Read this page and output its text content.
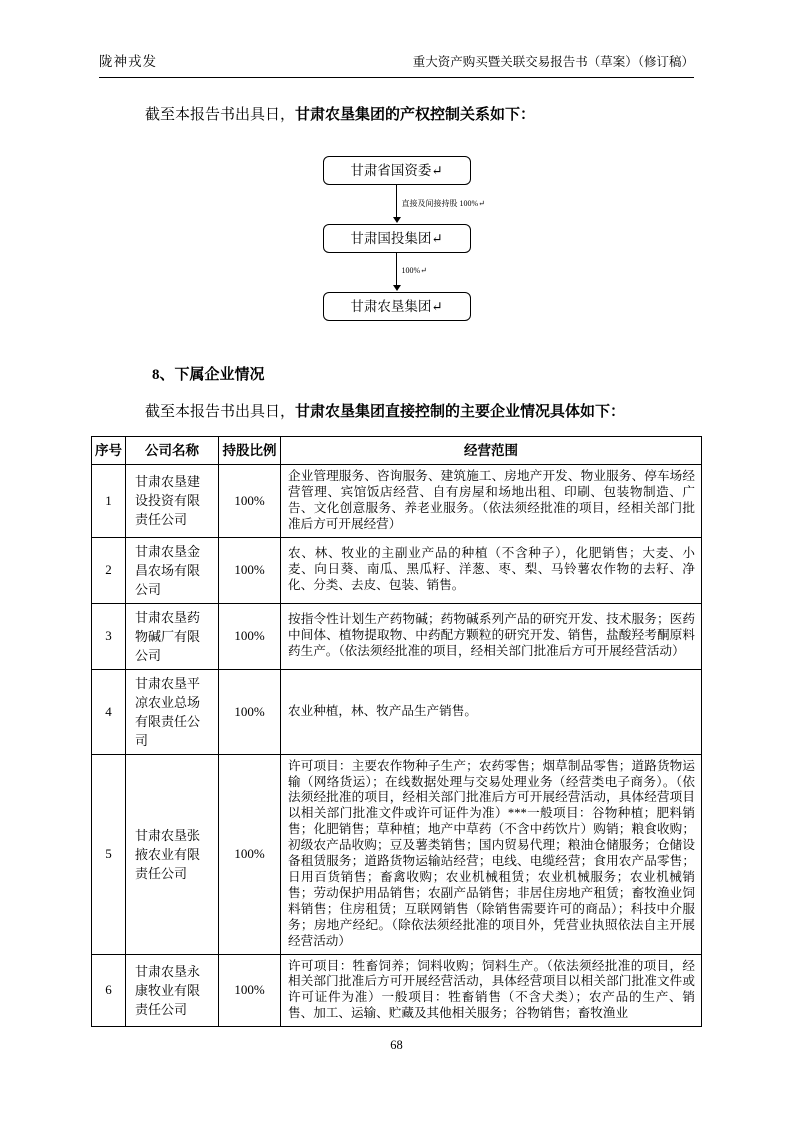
陇神戎发	重大资产购买暨关联交易报告书（草案）（修订稿）

截至本报告书出具日，甘肃农垦集团的产权控制关系如下：

甘肃省国资委↵
直接及间接持股 100%↵
甘肃国投集团↵
100%↵
甘肃农垦集团↵
8、下属企业情况

截至本报告书出具日，甘肃农垦集团直接控制的主要企业情况具体如下：

序号	公司名称	持股比例	经营范围
1	甘肃农垦建设投资有限责任公司	100%	企业管理服务、咨询服务、建筑施工、房地产开发、物业服务、停车场经营管理、宾馆饭店经营、自有房屋和场地出租、印刷、包装物制造、广告、文化创意服务、养老业服务。（依法须经批准的项目，经相关部门批准后方可开展经营）
2	甘肃农垦金昌农场有限公司	100%	农、林、牧业的主副业产品的种植（不含种子），化肥销售；大麦、小麦、向日葵、南瓜、黑瓜籽、洋葱、枣、梨、马铃薯农作物的去籽、净化、分类、去皮、包装、销售。
3	甘肃农垦药物碱厂有限公司	100%	按指令性计划生产药物碱；药物碱系列产品的研究开发、技术服务；医药中间体、植物提取物、中药配方颗粒的研究开发、销售，盐酸羟考酮原料药生产。（依法须经批准的项目，经相关部门批准后方可开展经营活动）
4	甘肃农垦平凉农业总场有限责任公司	100%	农业种植，林、牧产品生产销售。
5	甘肃农垦张掖农业有限责任公司	100%	许可项目：主要农作物种子生产；农药零售；烟草制品零售；道路货物运输（网络货运）；在线数据处理与交易处理业务（经营类电子商务）。（依法须经批准的项目，经相关部门批准后方可开展经营活动，具体经营项目以相关部门批准文件或许可证件为准）***一般项目：谷物种植；肥料销售；化肥销售；草种植；地产中草药（不含中药饮片）购销；粮食收购；初级农产品收购；豆及薯类销售；国内贸易代理；粮油仓储服务；仓储设备租赁服务；道路货物运输站经营；电线、电缆经营；食用农产品零售；日用百货销售；畜禽收购；农业机械租赁；农业机械服务；农业机械销售；劳动保护用品销售；农副产品销售；非居住房地产租赁；畜牧渔业饲料销售；住房租赁；互联网销售（除销售需要许可的商品）；科技中介服务；房地产经纪。（除依法须经批准的项目外，凭营业执照依法自主开展经营活动）
6	甘肃农垦永康牧业有限责任公司	100%	许可项目：牲畜饲养；饲料收购；饲料生产。（依法须经批准的项目，经相关部门批准后方可开展经营活动，具体经营项目以相关部门批准文件或许可证件为准）一般项目：牲畜销售（不含犬类）；农产品的生产、销售、加工、运输、贮藏及其他相关服务；谷物销售；畜牧渔业
68
